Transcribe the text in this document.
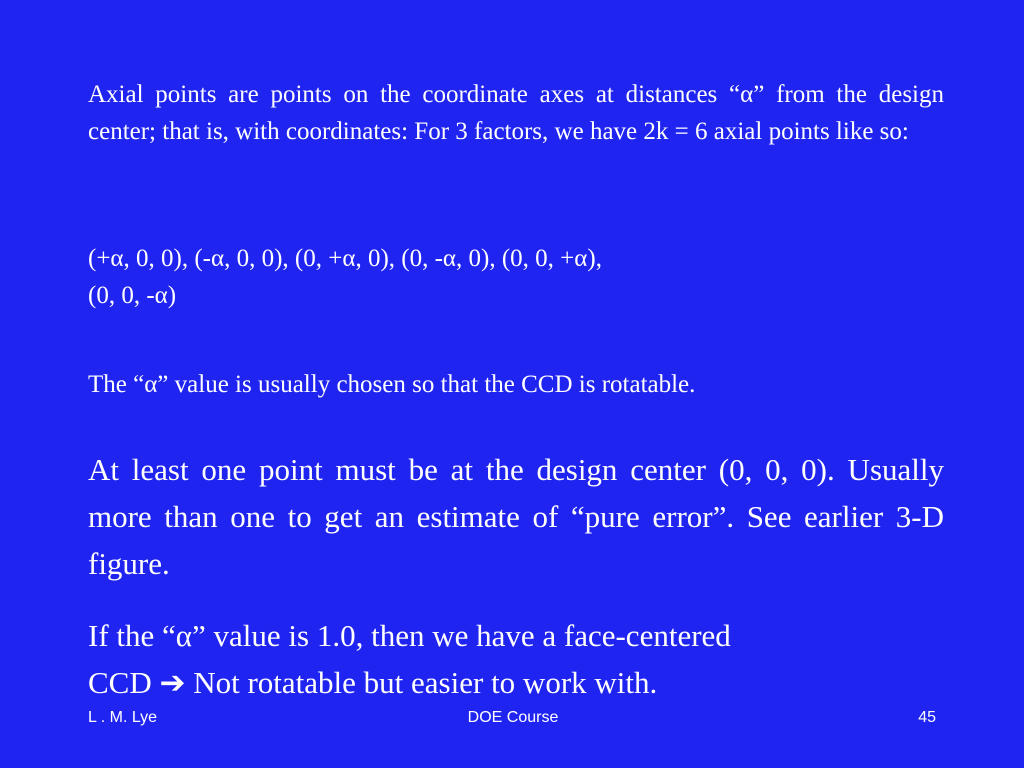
Axial points are points on the coordinate axes at distances “α” from the design center; that is, with coordinates: For 3 factors, we have 2k = 6 axial points like so:

(+α, 0, 0), (-α, 0, 0), (0, +α, 0), (0, -α, 0), (0, 0, +α),
(0, 0, -α)

The “α” value is usually chosen so that the CCD is rotatable.

At least one point must be at the design center (0, 0, 0). Usually more than one to get an estimate of “pure error”. See earlier 3-D figure.

If the “α” value is 1.0, then we have a face-centered
CCD ➔ Not rotatable but easier to work with.

L . M. Lye	DOE Course	45
